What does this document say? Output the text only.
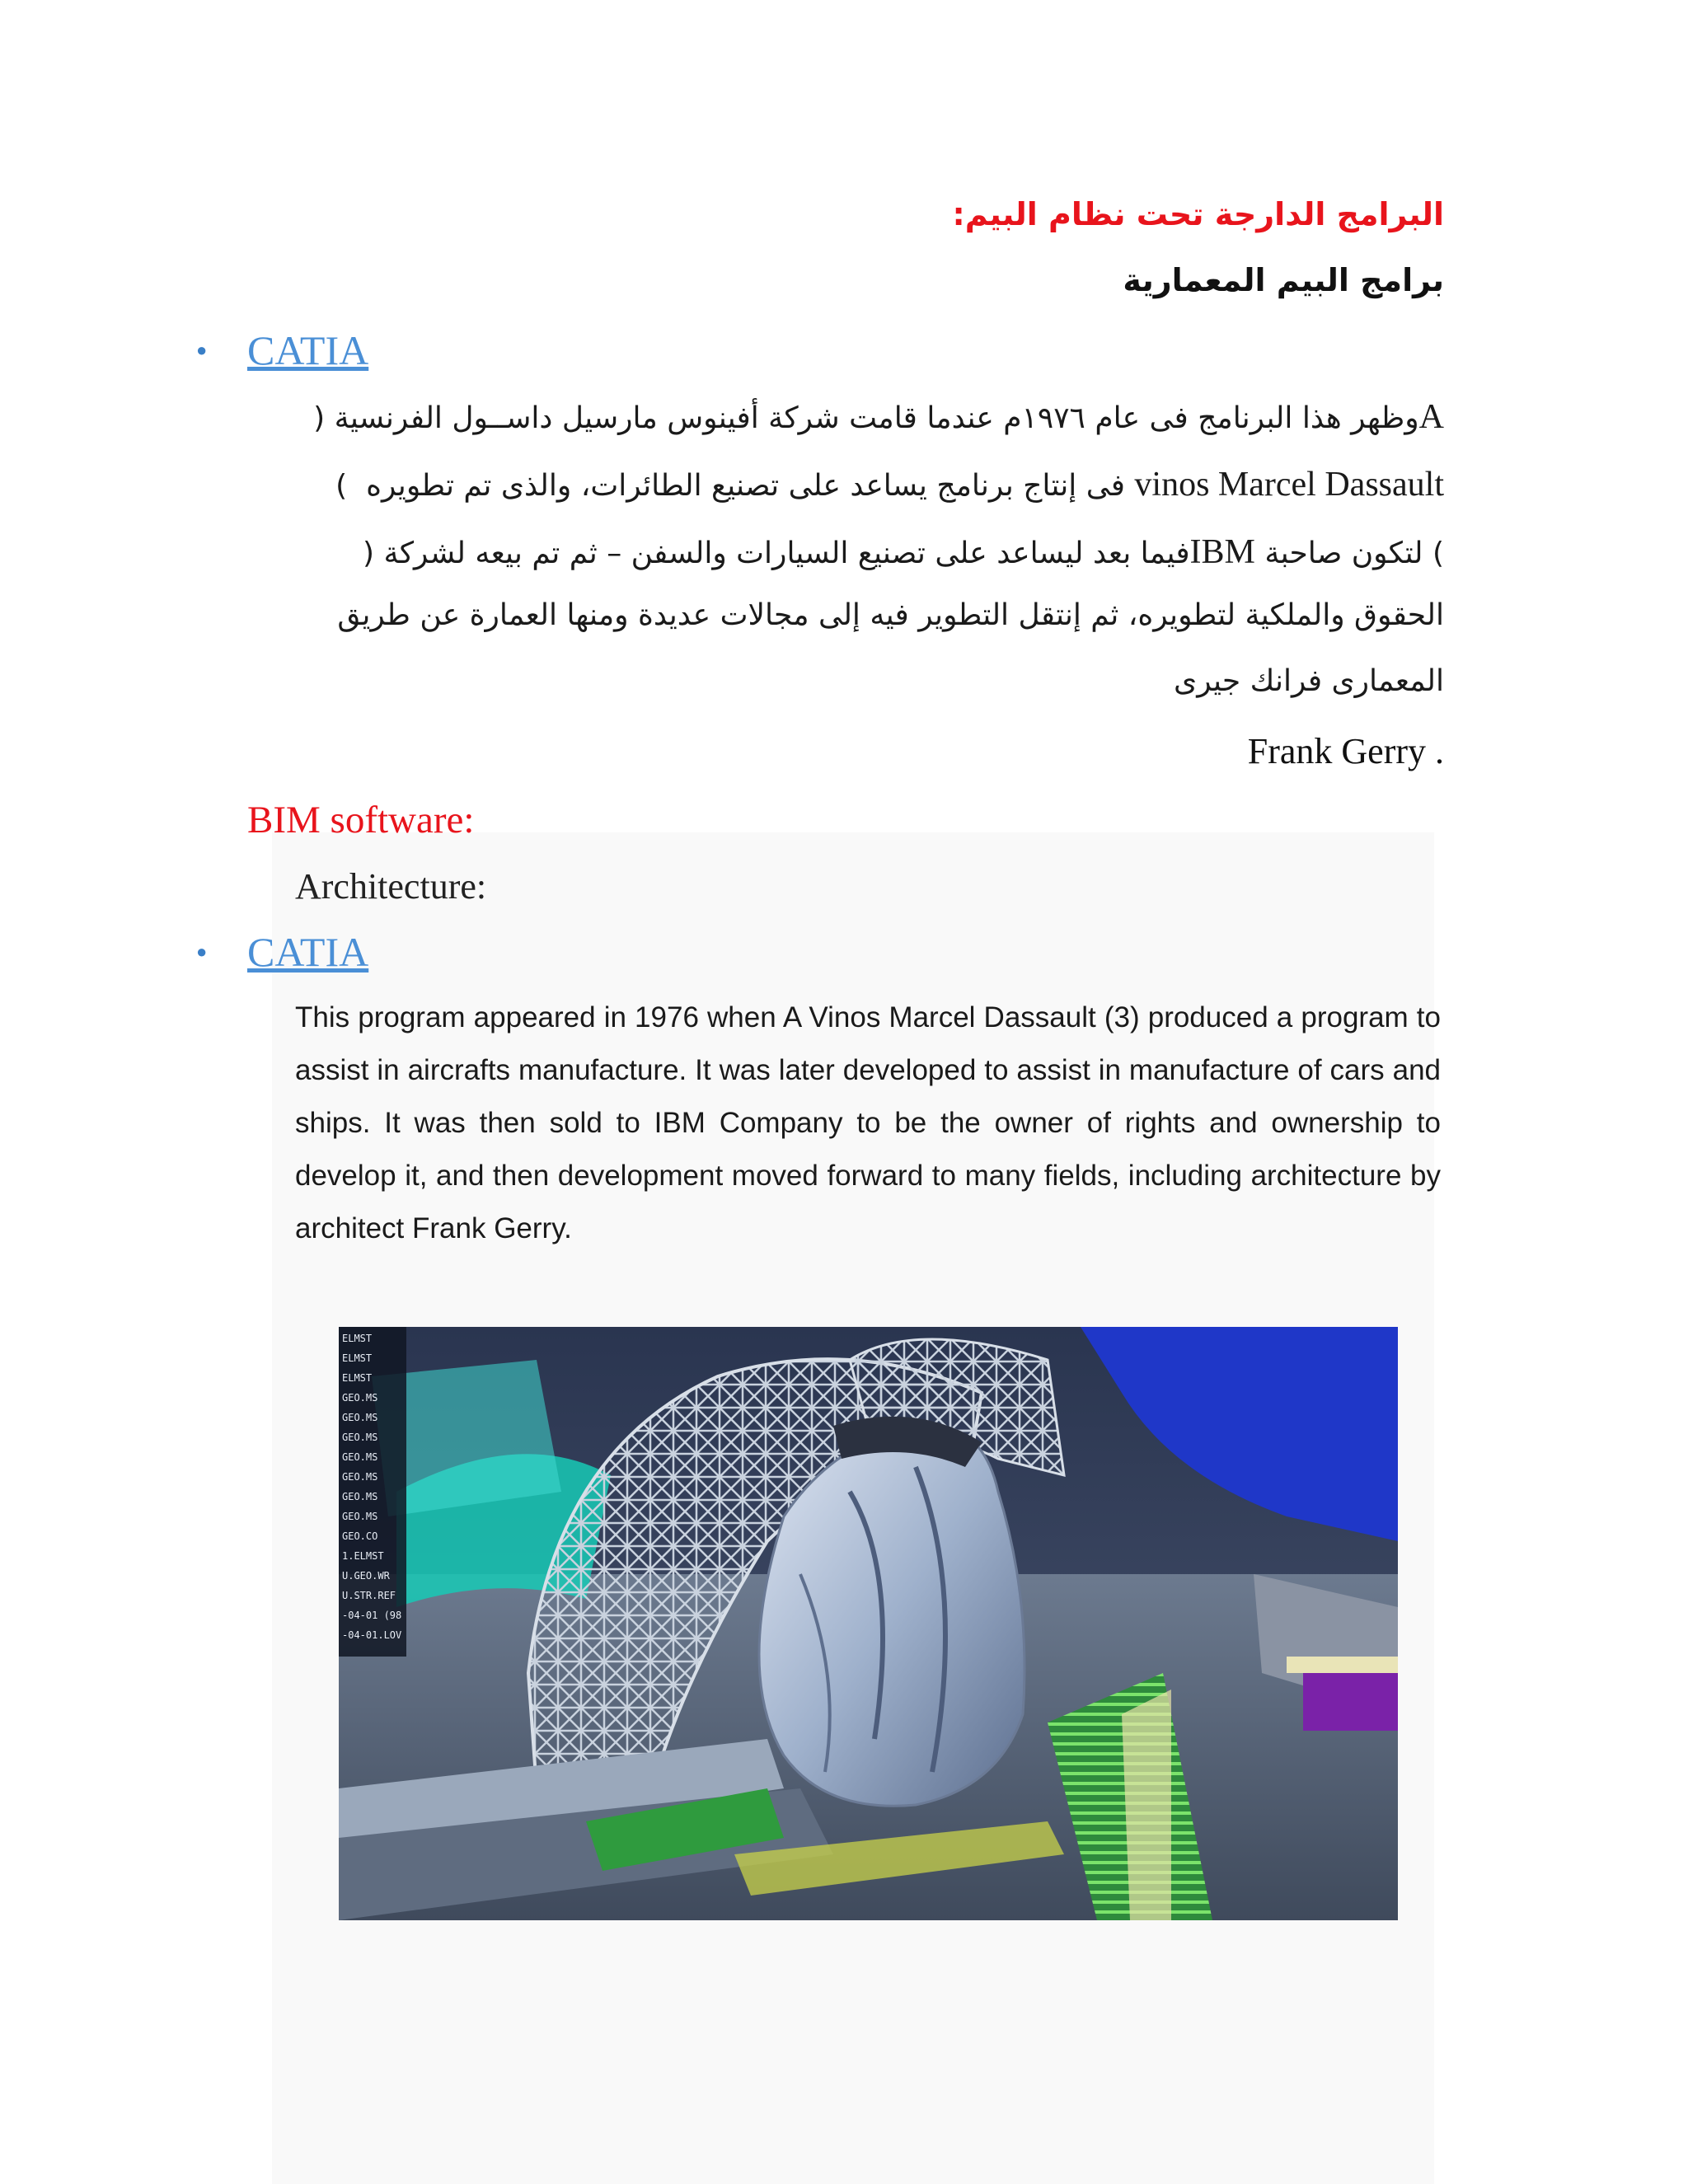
البرامج الدارجة تحت نظام البيم:
برامج البيم المعمارية
● CATIA
Aوظهر هذا البرنامج فى عام ١٩٧٦م عندما قامت شركة أفينوس مارسيل داســول الفرنسية (
vinos Marcel Dassault فى إنتاج برنامج يساعد على تصنيع الطائرات، والذى تم تطويره  )
) لتكون صاحبة IBMفيما بعد ليساعد على تصنيع السيارات والسفن – ثم تم بيعه لشركة (
الحقوق والملكية لتطويره، ثم إنتقل التطوير فيه إلى مجالات عديدة ومنها العمارة عن طريق
المعمارى فرانك جيرى
Frank Gerry .
BIM software:
Architecture:
● CATIA
This program appeared in 1976 when A Vinos Marcel Dassault (3) produced a program to assist in aircrafts manufacture. It was later developed to assist in manufacture of cars and ships. It was then sold to IBM Company to be the owner of rights and ownership to develop it, and then development moved forward to many fields, including architecture by architect Frank Gerry.
ELMST
ELMST
ELMST
GEO.MS
GEO.MS
GEO.MS
GEO.MS
GEO.MS
GEO.MS
GEO.MS
GEO.CO
1.ELMST
U.GEO.WR
U.STR.REF
-04-01 (98
-04-01.LOV
